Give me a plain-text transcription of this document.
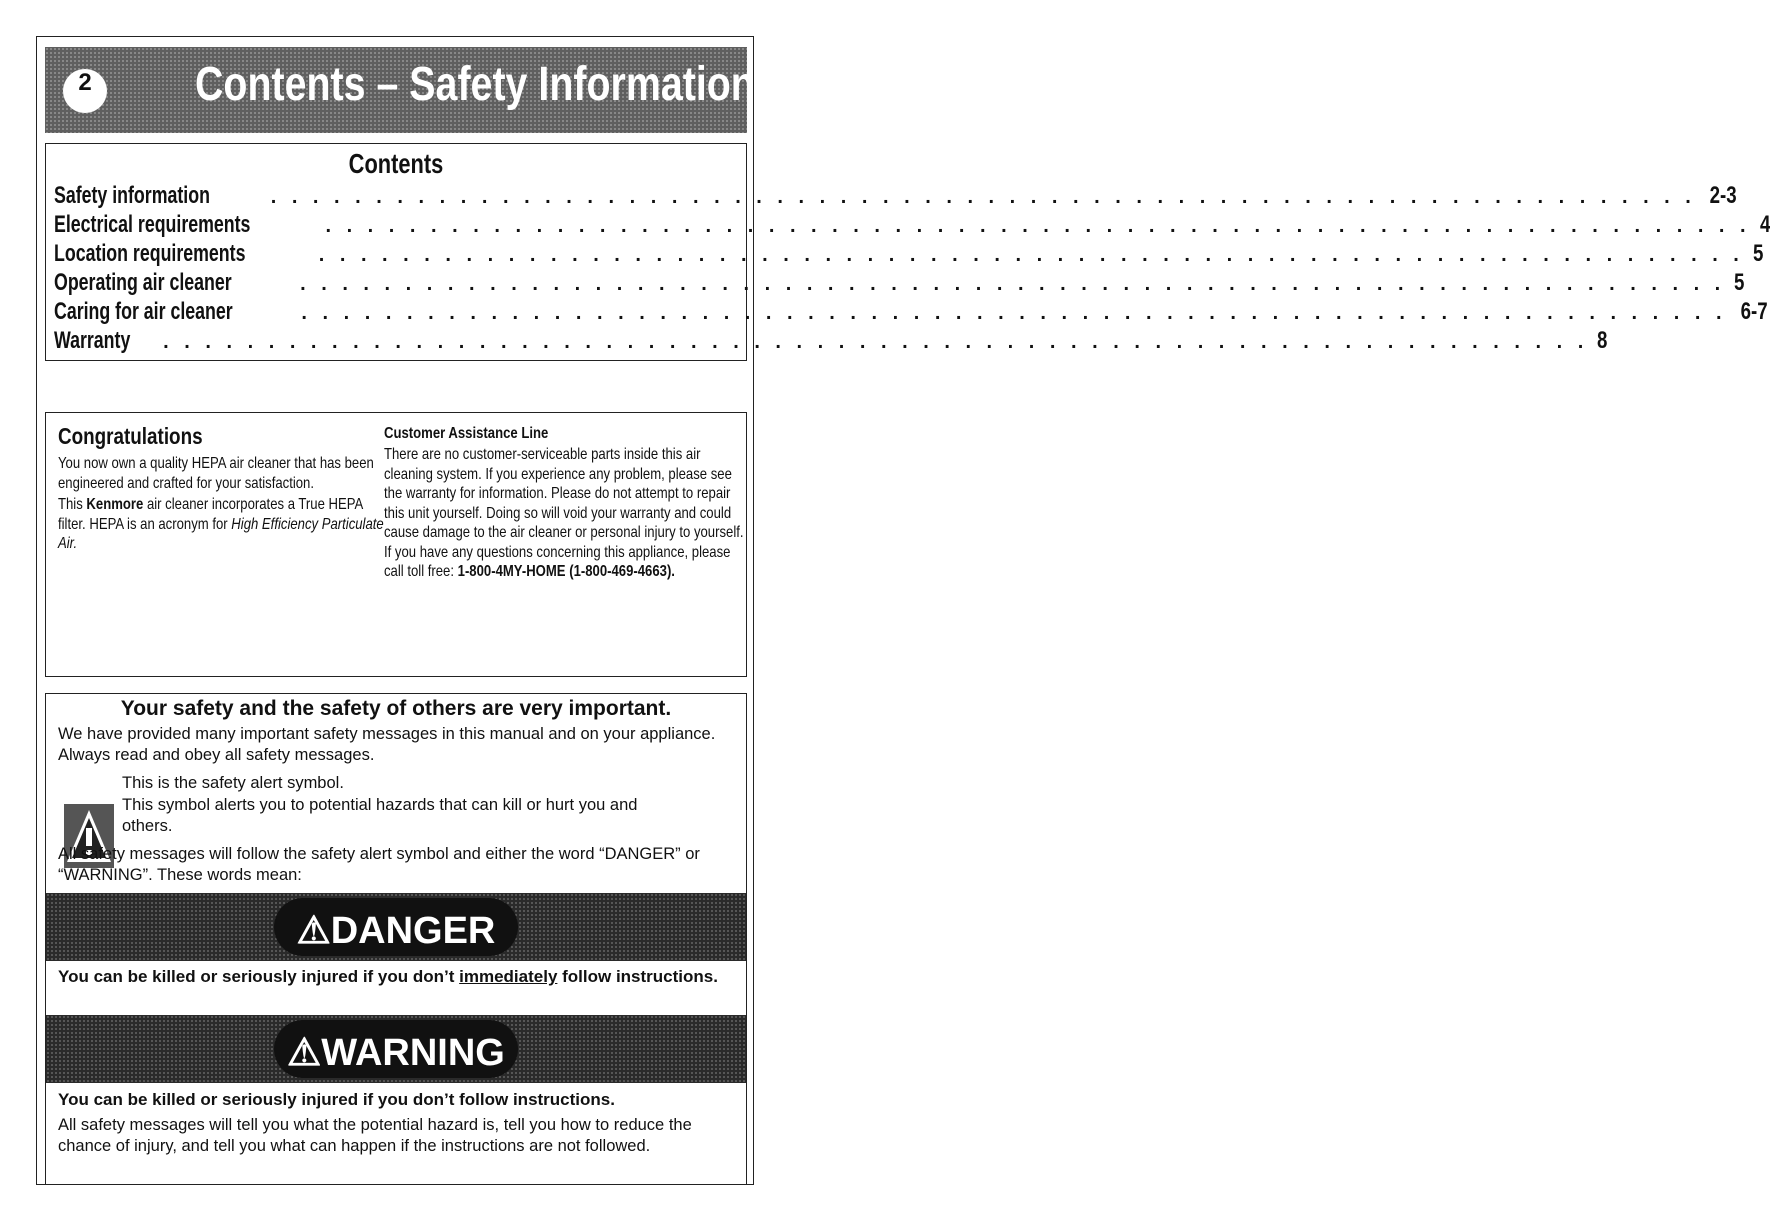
2	Contents – Safety Information
Contents
Safety information	. . . . . . . . . . . . . . . . . . . . . . . . . . . . . . . . . . . . . . . . . . . . . . . . . . . . . . . . . . . . . . . . . . . . 2-3
Electrical requirements	. . . . . . . . . . . . . . . . . . . . . . . . . . . . . . . . . . . . . . . . . . . . . . . . . . . . . . . . . . . . . . . . . . . . 4
Location requirements	. . . . . . . . . . . . . . . . . . . . . . . . . . . . . . . . . . . . . . . . . . . . . . . . . . . . . . . . . . . . . . . . . . . . 5
Operating air cleaner	. . . . . . . . . . . . . . . . . . . . . . . . . . . . . . . . . . . . . . . . . . . . . . . . . . . . . . . . . . . . . . . . . . . . 5
Caring for air cleaner	. . . . . . . . . . . . . . . . . . . . . . . . . . . . . . . . . . . . . . . . . . . . . . . . . . . . . . . . . . . . . . . . . . . . 6-7
Warranty . . . . . . . . . . . . . . . . . . . . . . . . . . . . . . . . . . . . . . . . . . . . . . . . . . . . . . . . . . . . . . . . . . . . 8
Congratulations

You now own a quality HEPA air cleaner that has been engineered and crafted for your satisfaction.

This Kenmore air cleaner incorporates a True HEPA filter. HEPA is an acronym for High Efficiency Particulate Air.

Customer Assistance Line

There are no customer-serviceable parts inside this air cleaning system. If you experience any problem, please see the warranty for information. Please do not attempt to repair this unit yourself. Doing so will void your warranty and could cause damage to the air cleaner or personal injury to yourself. If you have any questions concerning this appliance, please call toll free: 1-800-4MY-HOME (1-800-469-4663).

Your safety and the safety of others are very important.
We have provided many important safety messages in this manual and on your appliance. Always read and obey all safety messages.
This is the safety alert symbol.
This symbol alerts you to potential hazards that can kill or hurt you and others.
All safety messages will follow the safety alert symbol and either the word “DANGER” or “WARNING”. These words mean:
⚠DANGER
You can be killed or seriously injured if you don’t immediately follow instructions.
⚠WARNING
You can be killed or seriously injured if you don’t follow instructions.
All safety messages will tell you what the potential hazard is, tell you how to reduce the chance of injury, and tell you what can happen if the instructions are not followed.
